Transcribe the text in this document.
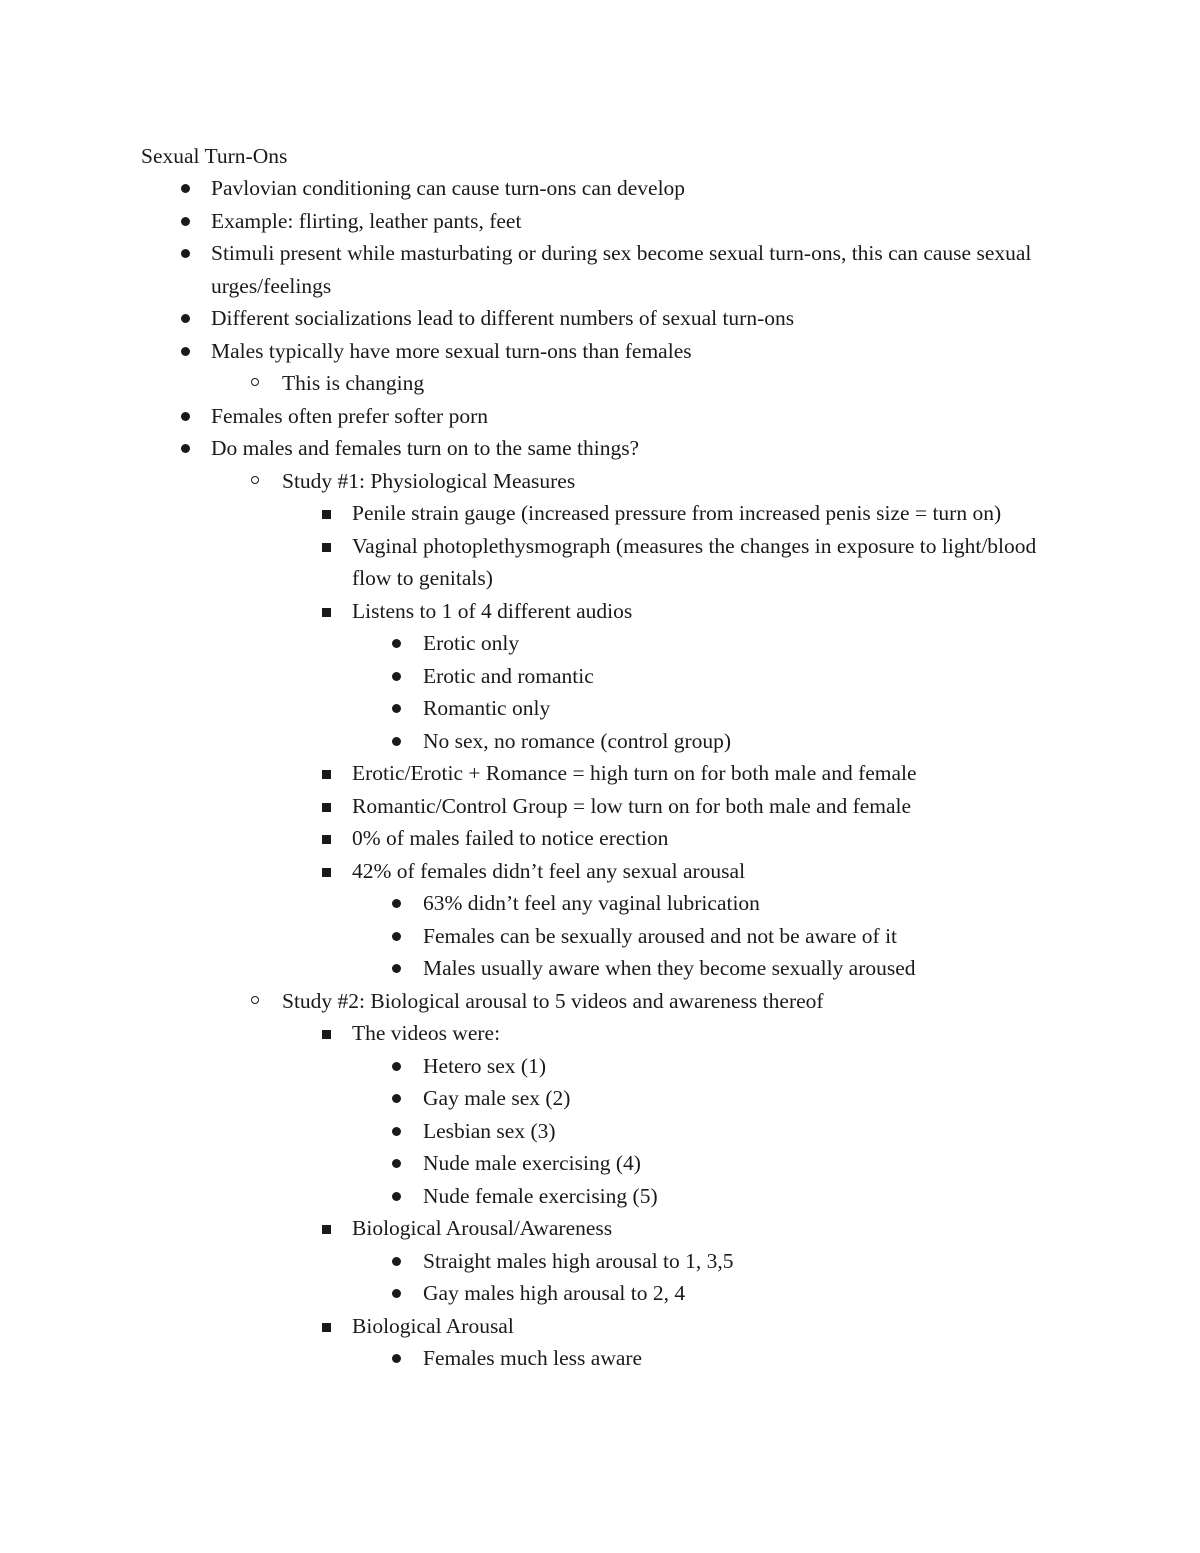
Sexual Turn-Ons
Pavlovian conditioning can cause turn-ons can develop
Example: flirting, leather pants, feet
Stimuli present while masturbating or during sex become sexual turn-ons, this can cause sexual urges/feelings
Different socializations lead to different numbers of sexual turn-ons
Males typically have more sexual turn-ons than females
This is changing
Females often prefer softer porn
Do males and females turn on to the same things?
Study #1: Physiological Measures
Penile strain gauge (increased pressure from increased penis size = turn on)
Vaginal photoplethysmograph (measures the changes in exposure to light/blood flow to genitals)
Listens to 1 of 4 different audios
Erotic only
Erotic and romantic
Romantic only
No sex, no romance (control group)
Erotic/Erotic + Romance = high turn on for both male and female
Romantic/Control Group = low turn on for both male and female
0% of males failed to notice erection
42% of females didn’t feel any sexual arousal
63% didn’t feel any vaginal lubrication
Females can be sexually aroused and not be aware of it
Males usually aware when they become sexually aroused
Study #2: Biological arousal to 5 videos and awareness thereof
The videos were:
Hetero sex (1)
Gay male sex (2)
Lesbian sex (3)
Nude male exercising (4)
Nude female exercising (5)
Biological Arousal/Awareness
Straight males high arousal to 1, 3,5
Gay males high arousal to 2, 4
Biological Arousal
Females much less aware
